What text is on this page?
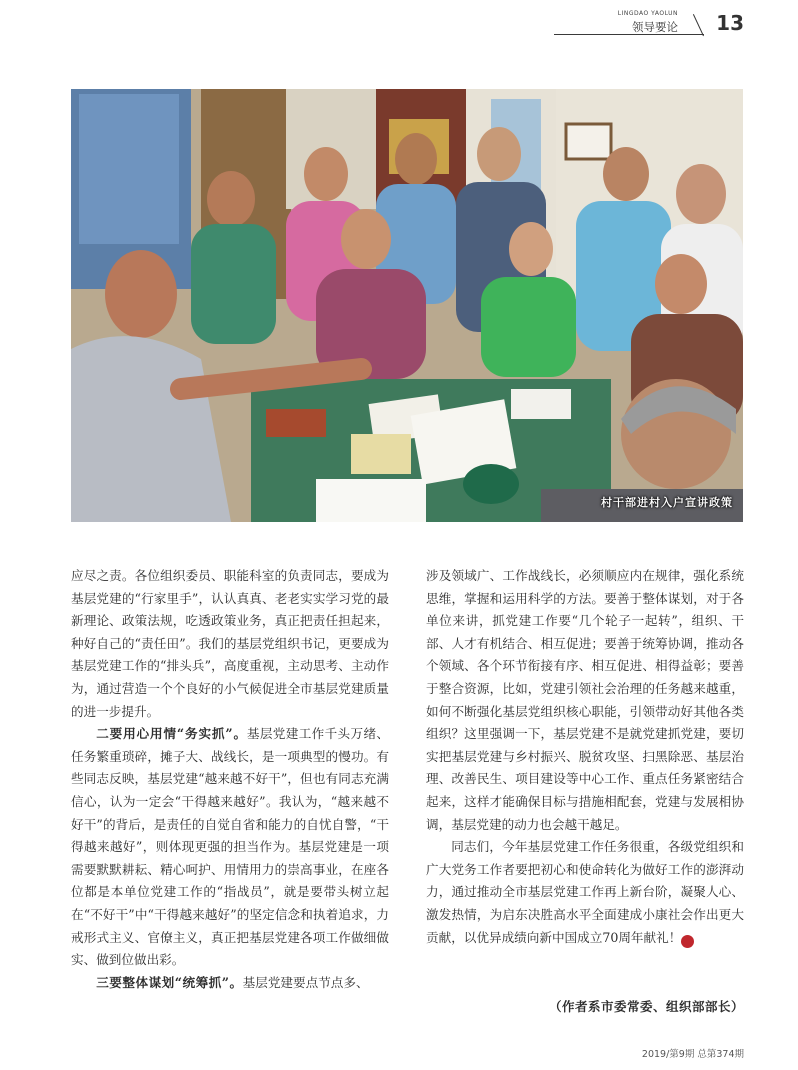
LINGDAO YAOLUN
领导要论 13
村干部进村入户宣讲政策

应尽之责。各位组织委员、职能科室的负责同志，要成为基层党建的“行家里手”，认认真真、老老实实学习党的最新理论、政策法规，吃透政策业务，真正把责任担起来，种好自己的“责任田”。我们的基层党组织书记，更要成为基层党建工作的“排头兵”，高度重视，主动思考、主动作为，通过营造一个个良好的小气候促进全市基层党建质量的进一步提升。

二要用心用情“务实抓”。基层党建工作千头万绪、任务繁重琐碎，摊子大、战线长，是一项典型的慢功。有些同志反映，基层党建“越来越不好干”，但也有同志充满信心，认为一定会“干得越来越好”。我认为，“越来越不好干”的背后，是责任的自觉自省和能力的自忧自警，“干得越来越好”，则体现更强的担当作为。基层党建是一项需要默默耕耘、精心呵护、用情用力的崇高事业，在座各位都是本单位党建工作的“指战员”，就是要带头树立起在“不好干”中“干得越来越好”的坚定信念和执着追求，力戒形式主义、官僚主义，真正把基层党建各项工作做细做实、做到位做出彩。

三要整体谋划“统筹抓”。基层党建要点节点多、

涉及领域广、工作战线长，必须顺应内在规律，强化系统思维，掌握和运用科学的方法。要善于整体谋划，对于各单位来讲，抓党建工作要“几个轮子一起转”，组织、干部、人才有机结合、相互促进；要善于统筹协调，推动各个领域、各个环节衔接有序、相互促进、相得益彰；要善于整合资源，比如，党建引领社会治理的任务越来越重，如何不断强化基层党组织核心职能，引领带动好其他各类组织？这里强调一下，基层党建不是就党建抓党建，要切实把基层党建与乡村振兴、脱贫攻坚、扫黑除恶、基层治理、改善民生、项目建设等中心工作、重点任务紧密结合起来，这样才能确保目标与措施相配套，党建与发展相协调，基层党建的动力也会越干越足。

同志们，今年基层党建工作任务很重，各级党组织和广大党务工作者要把初心和使命转化为做好工作的澎湃动力，通过推动全市基层党建工作再上新台阶，凝聚人心、激发热情，为启东决胜高水平全面建成小康社会作出更大贡献，以优异成绩向新中国成立70周年献礼！	党

（作者系市委常委、组织部部长）
2019/第9期 总第374期
